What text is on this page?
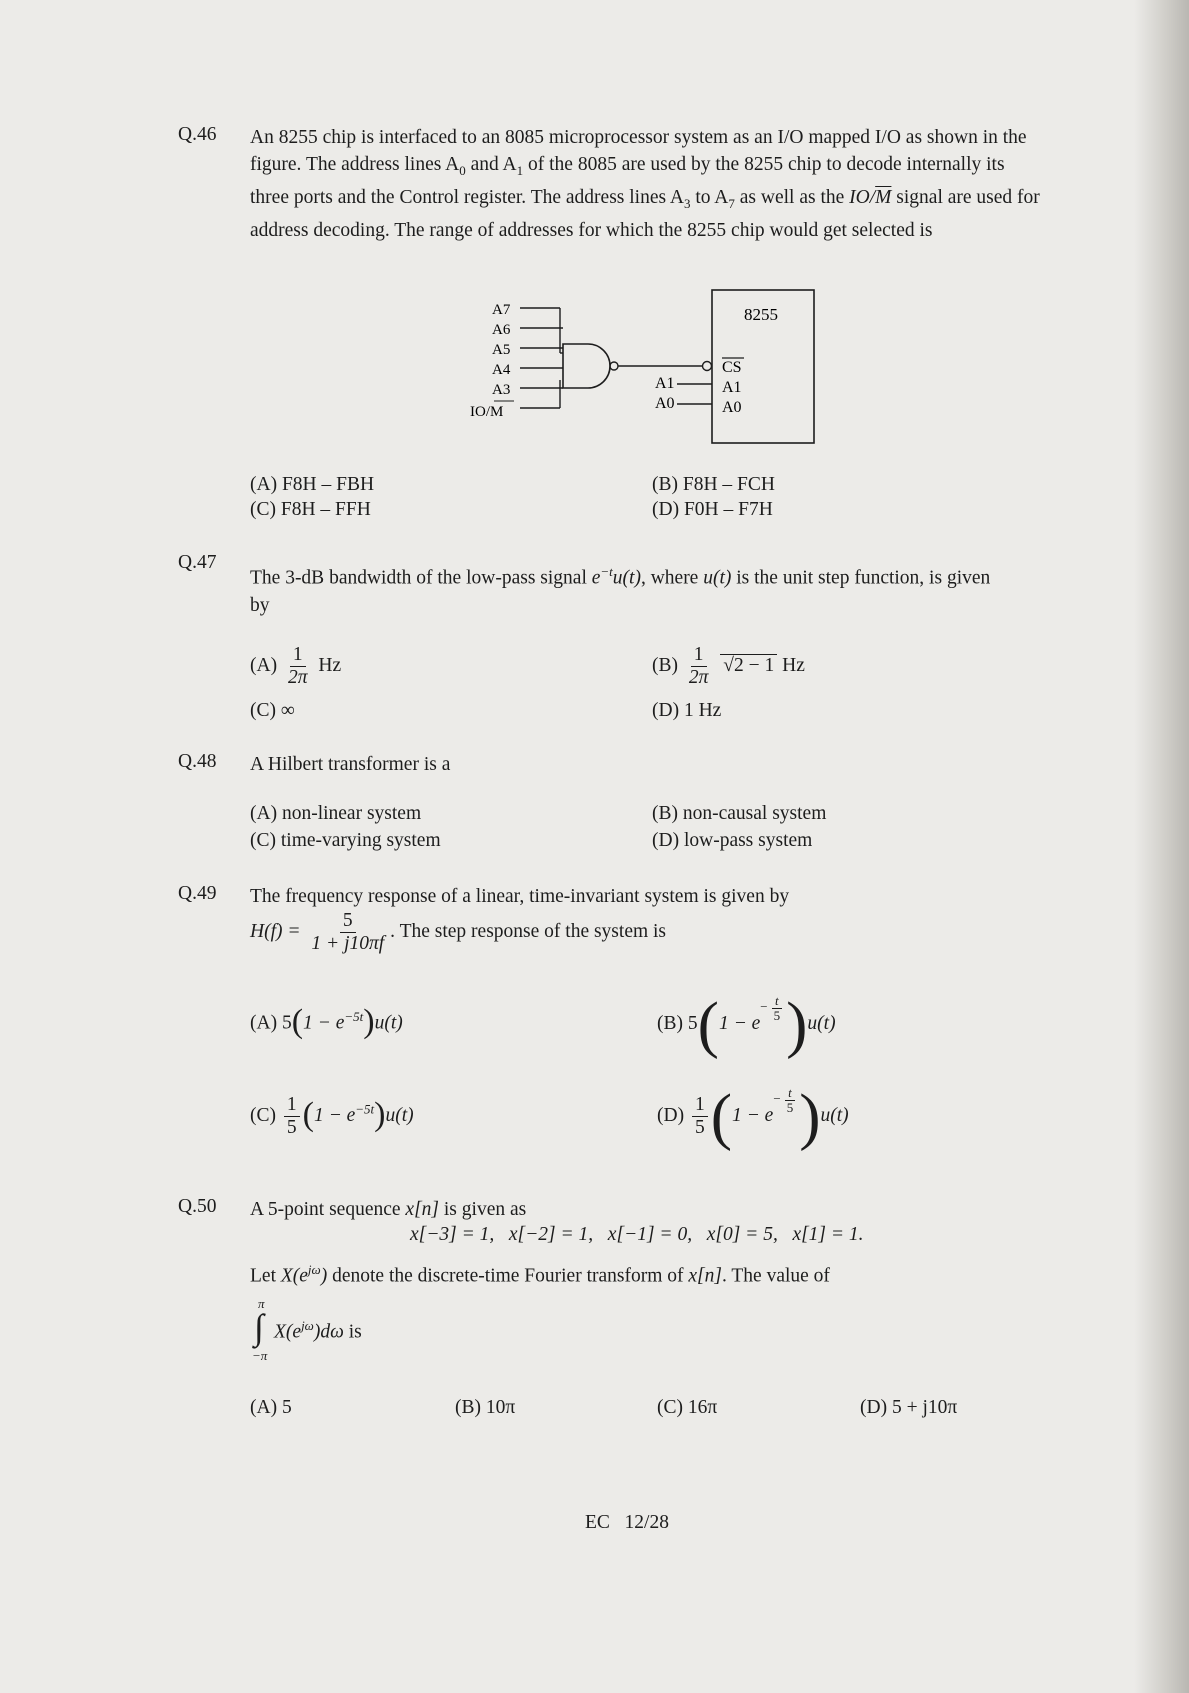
Q.46 An 8255 chip is interfaced to an 8085 microprocessor system as an I/O mapped I/O as shown in the figure. The address lines $A_0$ and $A_1$ of the 8085 are used by the 8255 chip to decode internally its three ports and the Control register. The address lines $A_3$ to $A_7$ as well as the $IO/\overline{M}$ signal are used for address decoding. The range of addresses for which the 8255 chip would get selected is
8255
CS
A1
A0
A1
A0
A7
A6
A5
A4
A3
IO/M
(A) F8H – FBH	(B) F8H – FCH
(C) F8H – FFH	(D) F0H – F7H
Q.47
The 3-dB bandwidth of the low-pass signal $e^{-t}u(t)$, where u(t) is the unit step function, is given by
$(A) \frac{1}{2\pi}$ Hz	$(B) \frac{1}{2\pi} √2 - 1$ Hz
(C) ∞	(D) 1 Hz
Q.48 A Hilbert transformer is a
(A) non-linear system	(B) non-causal system
(C) time-varying system	(D) low-pass system
Q.49 The frequency response of a linear, time-invariant system is given by
$H(f) = \frac{5}{1 + j10\pi f}$ . The step response of the system is
(A) $5(1 - e^{-5t})u(t)$	(B) $5(1 - e^{- \frac{t}{5}}$ )u(t)
$(C) \frac{1}{5} (1 - e^{-5t})u(t)$	$(D) \frac{1}{5} (1 - e^{- \frac{t}{5}}$ )u(t)
Q.50 A 5-point sequence x[n] is given as
x[−3] = 1,   x[−2] = 1,   x[−1] = 0,   x[0] = 5,   x[1] = 1.
Let $X(e^{j\omega})$ denote the discrete-time Fourier transform of x[n]. The value of
π
∫
−π
$X(e^{j\omega})d\omega$ is
(A) 5	(B) 10π	(C) 16π	(D) 5 + j10π
EC   12/28
